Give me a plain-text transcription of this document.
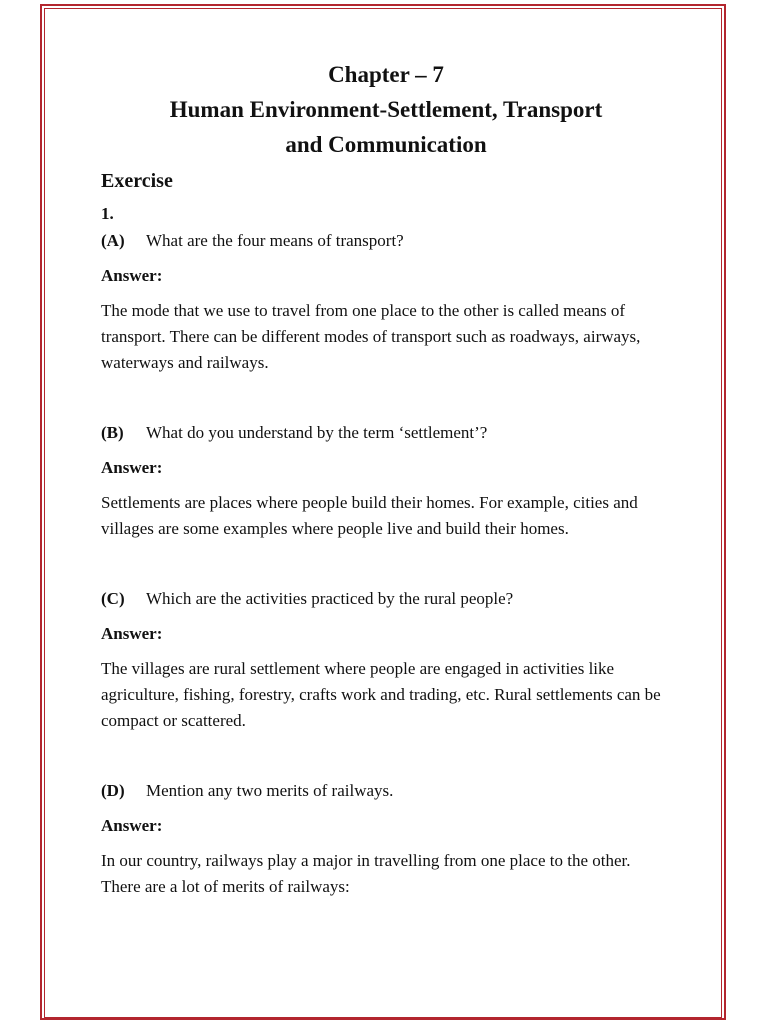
Chapter – 7
Human Environment-Settlement, Transport
and Communication
Exercise
1.

(A) What are the four means of transport?

Answer:

The mode that we use to travel from one place to the other is called means of transport. There can be different modes of transport such as roadways, airways, waterways and railways.

(B) What do you understand by the term ‘settlement’?

Answer:

Settlements are places where people build their homes. For example, cities and villages are some examples where people live and build their homes.

(C) Which are the activities practiced by the rural people?

Answer:

The villages are rural settlement where people are engaged in activities like agriculture, fishing, forestry, crafts work and trading, etc. Rural settlements can be compact or scattered.

(D) Mention any two merits of railways.

Answer:

In our country, railways play a major in travelling from one place to the other. There are a lot of merits of railways:
